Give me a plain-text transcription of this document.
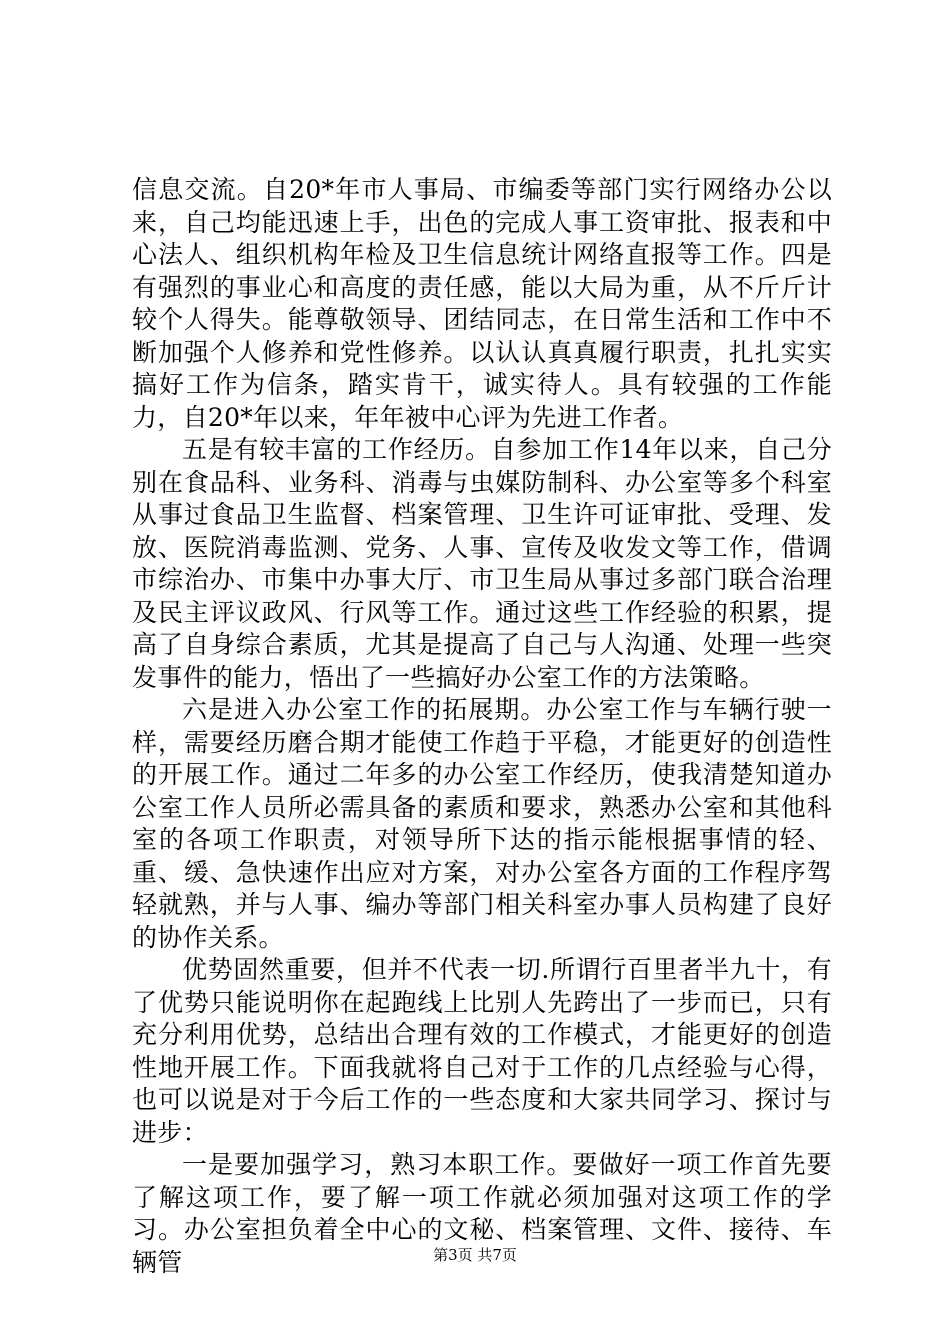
信息交流。自20*年市人事局、市编委等部门实行网络办公以来，自己均能迅速上手，出色的完成人事工资审批、报表和中心法人、组织机构年检及卫生信息统计网络直报等工作。四是有强烈的事业心和高度的责任感，能以大局为重，从不斤斤计较个人得失。能尊敬领导、团结同志，在日常生活和工作中不断加强个人修养和党性修养。以认认真真履行职责，扎扎实实搞好工作为信条，踏实肯干，诚实待人。具有较强的工作能力，自20*年以来，年年被中心评为先进工作者。

五是有较丰富的工作经历。自参加工作14年以来，自己分别在食品科、业务科、消毒与虫媒防制科、办公室等多个科室从事过食品卫生监督、档案管理、卫生许可证审批、受理、发放、医院消毒监测、党务、人事、宣传及收发文等工作，借调市综治办、市集中办事大厅、市卫生局从事过多部门联合治理及民主评议政风、行风等工作。通过这些工作经验的积累，提高了自身综合素质，尤其是提高了自己与人沟通、处理一些突发事件的能力，悟出了一些搞好办公室工作的方法策略。

六是进入办公室工作的拓展期。办公室工作与车辆行驶一样，需要经历磨合期才能使工作趋于平稳，才能更好的创造性的开展工作。通过二年多的办公室工作经历，使我清楚知道办公室工作人员所必需具备的素质和要求，熟悉办公室和其他科室的各项工作职责，对领导所下达的指示能根据事情的轻、重、缓、急快速作出应对方案，对办公室各方面的工作程序驾轻就熟，并与人事、编办等部门相关科室办事人员构建了良好的协作关系。

优势固然重要，但并不代表一切.所谓行百里者半九十，有了优势只能说明你在起跑线上比别人先跨出了一步而已，只有充分利用优势，总结出合理有效的工作模式，才能更好的创造性地开展工作。下面我就将自己对于工作的几点经验与心得，也可以说是对于今后工作的一些态度和大家共同学习、探讨与进步：

一是要加强学习，熟习本职工作。要做好一项工作首先要了解这项工作，要了解一项工作就必须加强对这项工作的学习。办公室担负着全中心的文秘、档案管理、文件、接待、车辆管	第3页 共7页
